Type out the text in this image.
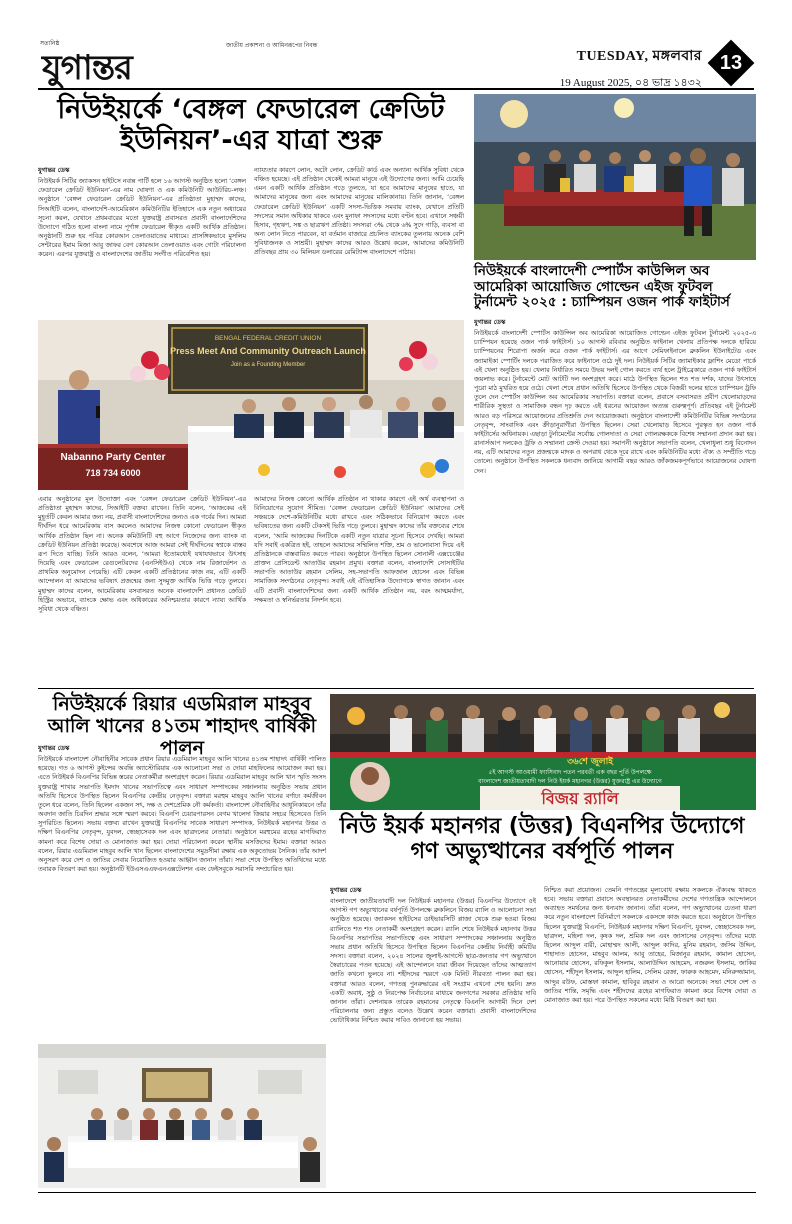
সত্যনিষ্ঠ
যুগান্তর
জাতীয় প্রকাশনা ও আমিনরূপের নিবন্ধ
TUESDAY, মঙ্গলবার
19 August 2025, ০৪ ভাদ্র ১৪৩২
13
নিউইয়র্কে ‘বেঙ্গল ফেডারেল ক্রেডিট ইউনিয়ন’-এর যাত্রা শুরু
যুগান্তর ডেস্ক
নিউইয়র্ক সিটির জ্যাকসন হাইটসে নবান্ন পার্টি হলে ১৬ আগস্ট অনুষ্ঠিত হলো ‘বেঙ্গল ফেডারেল ক্রেডিট ইউনিয়ন’-এর নাম ঘোষণা ও এক কমিউনিটি আউটরিচ-লঞ্চ। অনুষ্ঠানে ‘বেঙ্গল ফেডারেল ক্রেডিট ইউনিয়ন’-এর প্রতিষ্ঠাতা মুহাম্মদ কাদের, সিআইটি বলেন, বাংলাদেশি-আমেরিকান কমিউনিটির ইতিহাসে এক নতুন অধ্যায়ের সূচনা করল, যেখানে প্রথমবারের মতো যুক্তরাষ্ট্র প্রবাসরত প্রবাসী বাংলাদেশিদের উদ্যোগে গঠিত হলো বাংলা নামে পূর্ণাঙ্গ ফেডারেল স্বীকৃত একটি আর্থিক প্রতিষ্ঠান। অনুষ্ঠানটি শুরু হয় পবিত্র কোরআন তেলাওয়াতের মাধ্যমে। প্রাসঙ্গিকভাবে মুসলিম সেন্টারের ইমাম মিজা আবু জাফর বেগ কোরআন তেলাওয়াত এবং গোটা পরিচালনা করেন। এরপর যুক্তরাষ্ট্র ও বাংলাদেশের জাতীয় সংগীত পরিবেশিত হয়।
ন্যায্যতার কারণে লোন, অটো লোন, ক্রেডিট কার্ড এবং অন্যান্য আর্থিক সুবিধা থেকে বঞ্চিত হয়েছে। এই প্রতিষ্ঠান থেকেই আমরা মানুষে এই উদ্যোগের জন্য। আমি চেয়েছি এমন একটি আর্থিক প্রতিষ্ঠান গড়ে তুলতে, যা হবে আমাদের মানুষের হাতে, যা আমাদের মানুষের জন্য এবং আমাদের মানুষের মালিকানায়। তিনি জানান, ‘বেঙ্গল ফেডারেল ক্রেডিট ইউনিয়ন’ একটি সদস্য-ভিত্তিক সমবায় ব্যাংক, যেখানে প্রতিটি সদস্যের সমান অধিকার থাকবে এবং মুনাফা সদস্যদের মধ্যে বণ্টন হবে। এখানে সঞ্চয়ী হিসাব, গৃহঋণ, সঙ্ক ও ছাত্রঋণ প্রতিষ্ঠা। সদস্যরা ৩% থেকে ৬% সুদে গাড়ি, ব্যবসা বা অন্য লোন নিতে পারবেন, যা বর্তমান বাজারে প্রচলিত ব্যাংকের তুলনায় অনেক বেশি সুবিধাজনক ও সাশ্রয়ী। মুহাম্মদ কাদের আরও উল্লেখ করেন, আমাদের কমিউনিটি প্রতিবছর প্রায় ৩০ মিলিয়ন ডলারের রেমিট্যান্স বাংলাদেশে পাঠায়।
BENGAL FEDERAL CREDIT UNION
Press Meet And Community Outreach Launch
Join as a Founding Member
Nabanno Party Center
718 734 6000
এবার অনুষ্ঠানের মূল উদ্যোক্তা এবং ‘বেঙ্গল ফেডারেল ক্রেডিট ইউনিয়ন’-এর প্রতিষ্ঠাতা মুহাম্মদ কাদের, সিআইটি বক্তব্য রাখেন। তিনি বলেন, ‘আজকের এই মুহূর্তটি কেবল আমার জন্য নয়, প্রবাসী বাংলাদেশিদের জন্যও এক গর্বের দিন। আমরা দীর্ঘদিন ধরে আমেরিকায় বাস করলেও আমাদের নিজস্ব কোনো ফেডারেল স্বীকৃত আর্থিক প্রতিষ্ঠান ছিল না। অনেক কমিউনিটি বহু আগে নিজেদের জন্য ব্যাংক বা ক্রেডিট ইউনিয়ন প্রতিষ্ঠা করেছে। অবশেষে আজ আমরা সেই দীর্ঘদিনের স্বপ্নকে বাস্তব রূপ দিতে যাচ্ছি। তিনি আরও বলেন, ‘আমরা ইতোমধ্যেই যথাযথভাবে উৎসাহ দিয়েছি এবং ফেডারেল রেগুলেটরদের (এনসিইউএ) থেকে নাম রিজার্ভেশন ও প্রাথমিক অনুমোদন পেয়েছি। এটি কেবল একটি প্রতিষ্ঠানের কাজ নয়, এটি একটি আন্দোলন যা আমাদের ভবিষ্যৎ প্রজন্মের জন্য সুদমুক্ত আর্থিক ভিত্তি গড়ে তুলবে। মুহাম্মদ কাদের বলেন, আমেরিকায় বসবাসরত অনেক বাংলাদেশি প্রধানত ক্রেডিট হিস্ট্রির অভাবে, ব্যাংকে ক্ষোভ এবং অধিকারের অনিশ্চয়তার কারণে ন্যায্য আর্থিক সুবিধা থেকে বঞ্চিত।
আমাদের নিজস্ব কোনো আর্থিক প্রতিষ্ঠান না থাকার কারণে এই অর্থ ব্যবস্থাপনা ও বিনিয়োগের সুযোগ সীমিত। ‘বেঙ্গল ফেডারেল ক্রেডিট ইউনিয়ন’ আমাদের সেই সঞ্চয়কে দেশে-কমিউনিটির মধ্যে রাখবে এবং সঠিকভাবে বিনিয়োগ করতে এবং ভবিষ্যতের জন্য একটি টেকসই ভিত্তি গড়ে তুলবে। মুহাম্মদ কাদের তাঁর বক্তব্যের শেষে বলেন, ‘আমি আজকের দিনটিকে একটি নতুন যাত্রার সূচনা হিসেবে দেখছি। আমরা যদি সবাই একত্রিত হই, তাহলে আমাদের সম্মিলিত শক্তি, শ্রম ও ভালোবাসা দিয়ে এই প্রতিষ্ঠানকে বাস্তবায়িত করতে পারব। অনুষ্ঠানে উপস্থিত ছিলেন সোনালী এক্সচেঞ্জের প্রাক্তন প্রেসিডেন্ট আতাউর রহমান প্রমুখ। বক্তারা বলেন, বাংলাদেশি সোসাইটির সভাপতি আতাউর রহমান সেলিম, সহ-সভাপতি আফজাল হোসেন এবং বিভিন্ন সামাজিক সংগঠনের নেতৃবৃন্দ। সবাই এই ঐতিহাসিক উদ্যোগকে স্বাগত জানান এবং এটি প্রবাসী বাংলাদেশিদের জন্য একটি আর্থিক প্রতিষ্ঠান নয়, বরং আত্মমর্যাদা, সক্ষমতা ও স্বনির্ভরতার নিদর্শন হবে।
নিউইয়র্কে বাংলাদেশী স্পোর্টস কাউন্সিল অব আমেরিকা আয়োজিত গোল্ডেন এইজ ফুটবল টুর্নামেন্ট ২০২৫ : চ্যাম্পিয়ন ওজন পার্ক ফাইটার্স
যুগান্তর ডেস্ক
নিউইয়র্কে বাংলাদেশী স্পোর্টস কাউন্সিল অব আমেরিকা আয়োজিত গোল্ডেন এইজ ফুটবল টুর্নামেন্ট ২০২৫-এ চ্যাম্পিয়ন হয়েছে ওজন পার্ক ফাইটার্স। ১০ আগস্ট রবিবার অনুষ্ঠিত ফাইনাল খেলায় প্রতিপক্ষ দলকে হারিয়ে চ্যাম্পিয়নের শিরোপা অর্জন করে ওজন পার্ক ফাইটার্স। এর আগে সেমিফাইনালে ব্রুকলিন ইউনাইটেড এবং জ্যামাইকা স্পোর্টিং দলকে পরাজিত করে ফাইনালে ওঠে দুই দল। নিউইয়র্ক সিটির জ্যামাইকার ফ্লাশিং মেডো পার্কে এই খেলা অনুষ্ঠিত হয়। খেলার নির্ধারিত সময়ে উভয় দলই গোল করতে ব্যর্থ হলে ট্রাইব্রেকারে ওজন পার্ক ফাইটার্স জয়লাভ করে। টুর্নামেন্টে মোট আটটি দল অংশগ্রহণ করে। মাঠে উপস্থিত ছিলেন শত শত দর্শক, যাদের উৎসাহে পুরো মাঠ মুখরিত হয়ে ওঠে। খেলা শেষে প্রধান অতিথি হিসেবে উপস্থিত থেকে বিজয়ী দলের হাতে চ্যাম্পিয়ন ট্রফি তুলে দেন স্পোর্টস কাউন্সিল অব আমেরিকার সভাপতি। বক্তারা বলেন, প্রবাসে বসবাসরত প্রবীণ খেলোয়াড়দের শারীরিক সুস্থতা ও সামাজিক বন্ধন দৃঢ় করতে এই ধরনের আয়োজন অত্যন্ত গুরুত্বপূর্ণ। প্রতিবছর এই টুর্নামেন্ট আরও বড় পরিসরে আয়োজনের প্রতিশ্রুতি দেন আয়োজকরা। অনুষ্ঠানে বাংলাদেশী কমিউনিটির বিভিন্ন সংগঠনের নেতৃবৃন্দ, সাংবাদিক এবং ক্রীড়ানুরাগীরা উপস্থিত ছিলেন। সেরা খেলোয়াড় হিসেবে পুরস্কৃত হন ওজন পার্ক ফাইটার্সের অধিনায়ক। এছাড়া টুর্নামেন্টের সর্বোচ্চ গোলদাতা ও সেরা গোলরক্ষককে বিশেষ সম্মাননা প্রদান করা হয়। রানার্সআপ দলকেও ট্রফি ও সম্মাননা ক্রেস্ট দেওয়া হয়। সমাপনী অনুষ্ঠানে সভাপতি বলেন, খেলাধুলা শুধু বিনোদন নয়, এটি আমাদের নতুন প্রজন্মকে মাদক ও অপরাধ থেকে দূরে রাখে এবং কমিউনিটির মধ্যে ঐক্য ও সম্প্রীতি গড়ে তোলে। অনুষ্ঠানে উপস্থিত সকলকে ধন্যবাদ জানিয়ে আগামী বছর আরও জাঁকজমকপূর্ণভাবে আয়োজনের ঘোষণা দেন।
নিউইয়র্কে রিয়ার এডমিরাল মাহবুব আলি খানের ৪১তম শাহাদৎ বার্ষিকী পালন
যুগান্তর ডেস্ক
নিউইয়র্কে বাংলাদেশ নৌবাহিনীর সাবেক প্রধান রিয়ার এডমিরাল মাহবুব আলি খানের ৪১তম শাহাদৎ বার্ষিকী পালিত হয়েছে। গত ৬ আগস্ট কুইন্সের অবন্তি অ্যাস্টোরিয়ায় এক আলোচনা সভা ও দোয়া মাহফিলের আয়োজন করা হয়। এতে নিউইয়র্ক বিএনপির বিভিন্ন স্তরের নেতাকর্মীরা অংশগ্রহণ করেন। রিয়ার এডমিরাল মাহবুব আলি খান স্মৃতি সংসদ যুক্তরাষ্ট্র শাখার সভাপতি ইমদাদ খানের সভাপতিত্বে এবং সাধারণ সম্পাদকের সঞ্চালনায় অনুষ্ঠিত সভায় প্রধান অতিথি হিসেবে উপস্থিত ছিলেন বিএনপির কেন্দ্রীয় নেতৃবৃন্দ। বক্তারা মরহুম মাহবুব আলি খানের বর্ণাঢ্য কর্মজীবন তুলে ধরে বলেন, তিনি ছিলেন একজন সৎ, দক্ষ ও দেশপ্রেমিক নৌ কর্মকর্তা। বাংলাদেশ নৌবাহিনীর আধুনিকায়নে তাঁর অবদান জাতি চিরদিন শ্রদ্ধার সঙ্গে স্মরণ করবে। বিএনপি চেয়ারপারসন বেগম খালেদা জিয়ার সহচর হিসেবেও তিনি সুপরিচিত ছিলেন। সভায় বক্তব্য রাখেন যুক্তরাষ্ট্র বিএনপির সাবেক সাধারণ সম্পাদক, নিউইয়র্ক মহানগর উত্তর ও দক্ষিণ বিএনপির নেতৃবৃন্দ, যুবদল, স্বেচ্ছাসেবক দল এবং ছাত্রদলের নেতারা। অনুষ্ঠানে মরহুমের রূহের মাগফিরাত কামনা করে বিশেষ দোয়া ও মোনাজাত করা হয়। দোয়া পরিচালনা করেন স্থানীয় মসজিদের ইমাম। বক্তারা আরও বলেন, রিয়ার এডমিরাল মাহবুব আলি খান ছিলেন বাংলাদেশের সমুদ্রসীমা রক্ষায় এক অকুতোভয় সৈনিক। তাঁর আদর্শ অনুসরণ করে দেশ ও জাতির সেবায় নিয়োজিত হওয়ার আহ্বান জানান তাঁরা। সভা শেষে উপস্থিত অতিথিদের মধ্যে তবারক বিতরণ করা হয়। অনুষ্ঠানটি ইউএসএএফএনএক্সটেনশন এবং ফেইসবুকে সরাসরি সম্প্রচারিত হয়।
৩৬শে জুলাই
৫ই আগস্ট আওয়ামী ফ্যাসিবাদ পতন পরবর্তী এক বছর পূর্তি উপলক্ষে
বাংলাদেশ জাতীয়তাবাদী দল নিউ ইয়র্ক মহানগর (উত্তর) যুক্তরাষ্ট্র এর উদ্যোগে
বিজয় র‍্যালি
নিউ ইয়র্ক মহানগর (উত্তর) বিএনপির উদ্যোগে গণ অভ্যুত্থানের বর্ষপূর্তি পালন
যুগান্তর ডেস্ক
বাংলাদেশে জাতীয়তাবাদী দল নিউইয়র্ক মহানগর (উত্তর) বিএনপির উদ্যোগে ৫ই আগস্ট গণ অভ্যুত্থানের বর্ষপূর্তি উপলক্ষে ব্রুকলিনে বিজয় র‍্যালি ও আলোচনা সভা অনুষ্ঠিত হয়েছে। জ্যাকসন হাইটসের ডাইভারসিটি প্লাজা থেকে শুরু হওয়া বিজয় র‍্যালিতে শত শত নেতাকর্মী অংশগ্রহণ করেন। র‍্যালি শেষে নিউইয়র্ক মহানগর উত্তর বিএনপির সভাপতির সভাপতিত্বে এবং সাধারণ সম্পাদকের সঞ্চালনায় অনুষ্ঠিত সভায় প্রধান অতিথি হিসেবে উপস্থিত ছিলেন বিএনপির কেন্দ্রীয় নির্বাহী কমিটির সদস্য। বক্তারা বলেন, ২০২৪ সালের জুলাই-আগস্টে ছাত্র-জনতার গণ অভ্যুত্থানে স্বৈরাচারের পতন হয়েছে। এই আন্দোলনে যারা জীবন দিয়েছেন তাঁদের আত্মত্যাগ জাতি কখনো ভুলবে না। শহীদদের স্মরণে এক মিনিট নীরবতা পালন করা হয়। বক্তারা আরও বলেন, গণতন্ত্র পুনরুদ্ধারের এই সংগ্রাম এখনো শেষ হয়নি। দ্রুত একটি অবাধ, সুষ্ঠু ও নিরপেক্ষ নির্বাচনের মাধ্যমে জনগণের সরকার প্রতিষ্ঠার দাবি জানান তাঁরা। দেশনায়ক তারেক রহমানের নেতৃত্বে বিএনপি আগামী দিনে দেশ পরিচালনার জন্য প্রস্তুত বলেও উল্লেখ করেন বক্তারা। প্রবাসী বাংলাদেশিদের ভোটাধিকার নিশ্চিত করার দাবিও জানানো হয় সভায়।
নিশ্চিত করা প্রয়োজন। তেমনি গণতন্ত্রের মূল্যবোধ রক্ষায় সকলকে ঐক্যবদ্ধ থাকতে হবে। সভায় বক্তারা প্রবাসে অবস্থানরত নেতাকর্মীদের দেশের গণতান্ত্রিক আন্দোলনে অব্যাহত সমর্থনের জন্য ধন্যবাদ জানান। তাঁরা বলেন, গণ অভ্যুত্থানের চেতনা ধারণ করে নতুন বাংলাদেশ বিনির্মাণে সকলকে একসঙ্গে কাজ করতে হবে। অনুষ্ঠানে উপস্থিত ছিলেন যুক্তরাষ্ট্র বিএনপি, নিউইয়র্ক মহানগর দক্ষিণ বিএনপি, যুবদল, স্বেচ্ছাসেবক দল, ছাত্রদল, মহিলা দল, কৃষক দল, শ্রমিক দল এবং জাসাসের নেতৃবৃন্দ। তাঁদের মধ্যে ছিলেন আব্দুল বারী, মোহাম্মদ আলী, আব্দুল কাদির, মুনিম রহমান, জসিম উদ্দিন, শাহাদাত হোসেন, মাহবুব আলম, আবু তাহের, মিজানুর রহমান, কামাল হোসেন, আনোয়ার হোসেন, রফিকুল ইসলাম, আলাউদ্দিন আহমেদ, নজরুল ইসলাম, জাকির হোসেন, শহীদুল ইসলাম, আব্দুল হালিম, সেলিম রেজা, ফারুক আহমেদ, মনিরুজ্জামান, আব্দুর রউফ, মোস্তফা কামাল, হাবিবুর রহমান ও আরো অনেকে। সভা শেষে দেশ ও জাতির শান্তি, সমৃদ্ধি এবং শহীদদের রূহের মাগফিরাত কামনা করে বিশেষ দোয়া ও মোনাজাত করা হয়। পরে উপস্থিত সকলের মধ্যে মিষ্টি বিতরণ করা হয়।
